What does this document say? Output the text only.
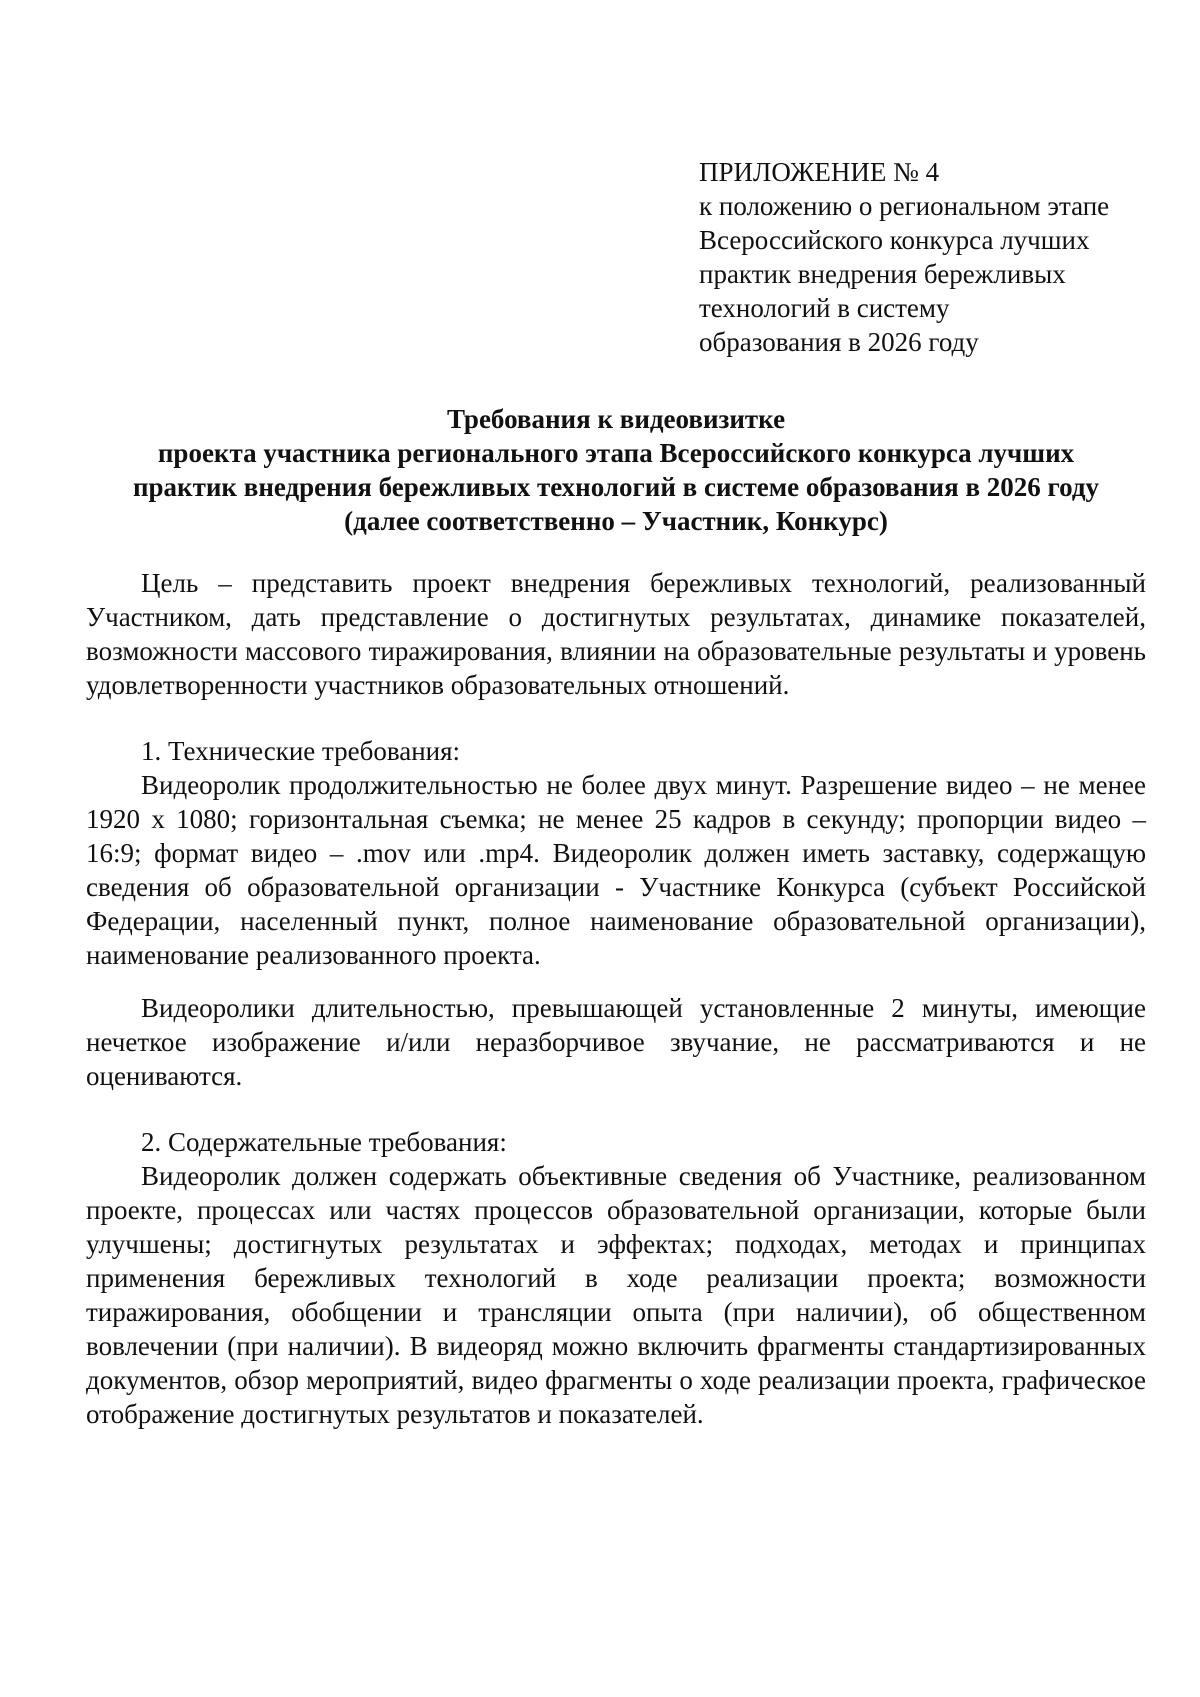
ПРИЛОЖЕНИЕ № 4
к положению о региональном этапе
Всероссийского конкурса лучших
практик внедрения бережливых
технологий в систему
образования в 2026 году
Требования к видеовизитке
проекта участника регионального этапа Всероссийского конкурса лучших
практик внедрения бережливых технологий в системе образования в 2026 году
(далее соответственно – Участник, Конкурс)

Цель – представить проект внедрения бережливых технологий, реализованный Участником, дать представление о достигнутых результатах, динамике показателей, возможности массового тиражирования, влиянии на образовательные результаты и уровень удовлетворенности участников образовательных отношений.

1. Технические требования:

Видеоролик продолжительностью не более двух минут. Разрешение видео – не менее 1920 х 1080; горизонтальная съемка; не менее 25 кадров в секунду; пропорции видео – 16:9; формат видео – .mov или .mp4. Видеоролик должен иметь заставку, содержащую сведения об образовательной организации - Участнике Конкурса (субъект Российской Федерации, населенный пункт, полное наименование образовательной организации), наименование реализованного проекта.

Видеоролики длительностью, превышающей установленные 2 минуты, имеющие нечеткое изображение и/или неразборчивое звучание, не рассматриваются и не оцениваются.

2. Содержательные требования:

Видеоролик должен содержать объективные сведения об Участнике, реализованном проекте, процессах или частях процессов образовательной организации, которые были улучшены; достигнутых результатах и эффектах; подходах, методах и принципах применения бережливых технологий в ходе реализации проекта; возможности тиражирования, обобщении и трансляции опыта (при наличии), об общественном вовлечении (при наличии). В видеоряд можно включить фрагменты стандартизированных документов, обзор мероприятий, видео фрагменты о ходе реализации проекта, графическое отображение достигнутых результатов и показателей.
